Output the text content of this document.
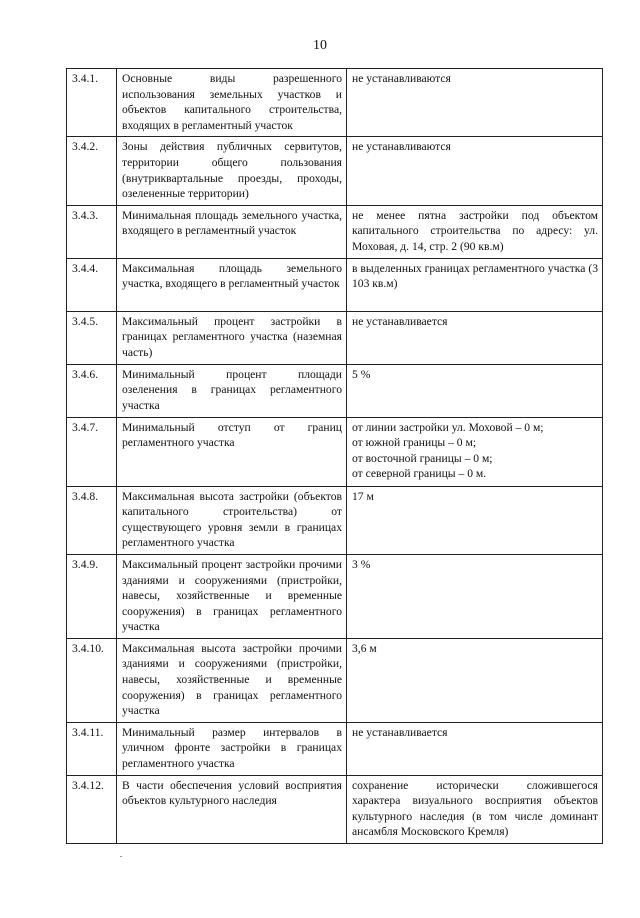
10
3.4.1.	Основные виды разрешенного использования земельных участков и объектов капитального строительства, входящих в регламентный участок	не устанавливаются

3.4.2.	Зоны действия публичных сервитутов, территории общего пользования (внутриквартальные проезды, проходы, озелененные территории)	не устанавливаются

3.4.3.	Минимальная площадь земельного участка, входящего в регламентный участок	не менее пятна застройки под объектом капитального строительства по адресу: ул. Моховая, д. 14, стр. 2 (90 кв.м)

3.4.4.	Максимальная площадь земельного участка, входящего в регламентный участок	в выделенных границах регламентного участка (3 103 кв.м)

3.4.5.	Максимальный процент застройки в границах регламентного участка (наземная часть)	не устанавливается

3.4.6.	Минимальный процент площади озеленения в границах регламентного участка	5 %

3.4.7.	Минимальный отступ от границ регламентного участка	от линии застройки ул. Моховой – 0 м;
от южной границы – 0 м;
от восточной границы – 0 м;
от северной границы – 0 м.

3.4.8.	Максимальная высота застройки (объектов капитального строительства) от существующего уровня земли в границах регламентного участка	17 м

3.4.9.	Максимальный процент застройки прочими зданиями и сооружениями (пристройки, навесы, хозяйственные и временные сооружения) в границах регламентного участка	3 %

3.4.10.	Максимальная высота застройки прочими зданиями и сооружениями (пристройки, навесы, хозяйственные и временные сооружения) в границах регламентного участка	3,6 м

3.4.11.	Минимальный размер интервалов в уличном фронте застройки в границах регламентного участка	не устанавливается

3.4.12.	В части обеспечения условий восприятия объектов культурного наследия	сохранение исторически сложившегося характера визуального восприятия объектов культурного наследия (в том числе доминант ансамбля Московского Кремля)
